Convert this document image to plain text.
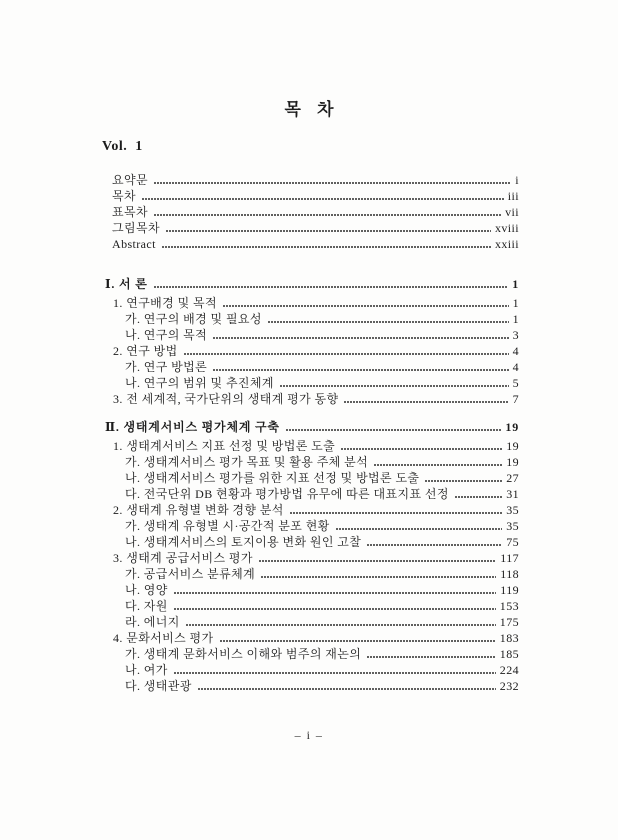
목 차
Vol. 1
요약문	i
목차	iii
표목차	vii
그림목차	xviii
Abstract	xxiii
Ⅰ. 서 론	1
1. 연구배경 및 목적	1
가. 연구의 배경 및 필요성	1
나. 연구의 목적	3
2. 연구 방법	4
가. 연구 방법론	4
나. 연구의 범위 및 추진체계	5
3. 전 세계적, 국가단위의 생태계 평가 동향	7
Ⅱ. 생태계서비스 평가체계 구축	19
1. 생태계서비스 지표 선정 및 방법론 도출	19
가. 생태계서비스 평가 목표 및 활용 주체 분석	19
나. 생태계서비스 평가를 위한 지표 선정 및 방법론 도출	27
다. 전국단위 DB 현황과 평가방법 유무에 따른 대표지표 선정	31
2. 생태계 유형별 변화 경향 분석	35
가. 생태계 유형별 시·공간적 분포 현황	35
나. 생태계서비스의 토지이용 변화 원인 고찰	75
3. 생태계 공급서비스 평가	117
가. 공급서비스 분류체계	118
나. 영양	119
다. 자원	153
라. 에너지	175
4. 문화서비스 평가	183
가. 생태계 문화서비스 이해와 범주의 재논의	185
나. 여가	224
다. 생태관광	232
– i –
